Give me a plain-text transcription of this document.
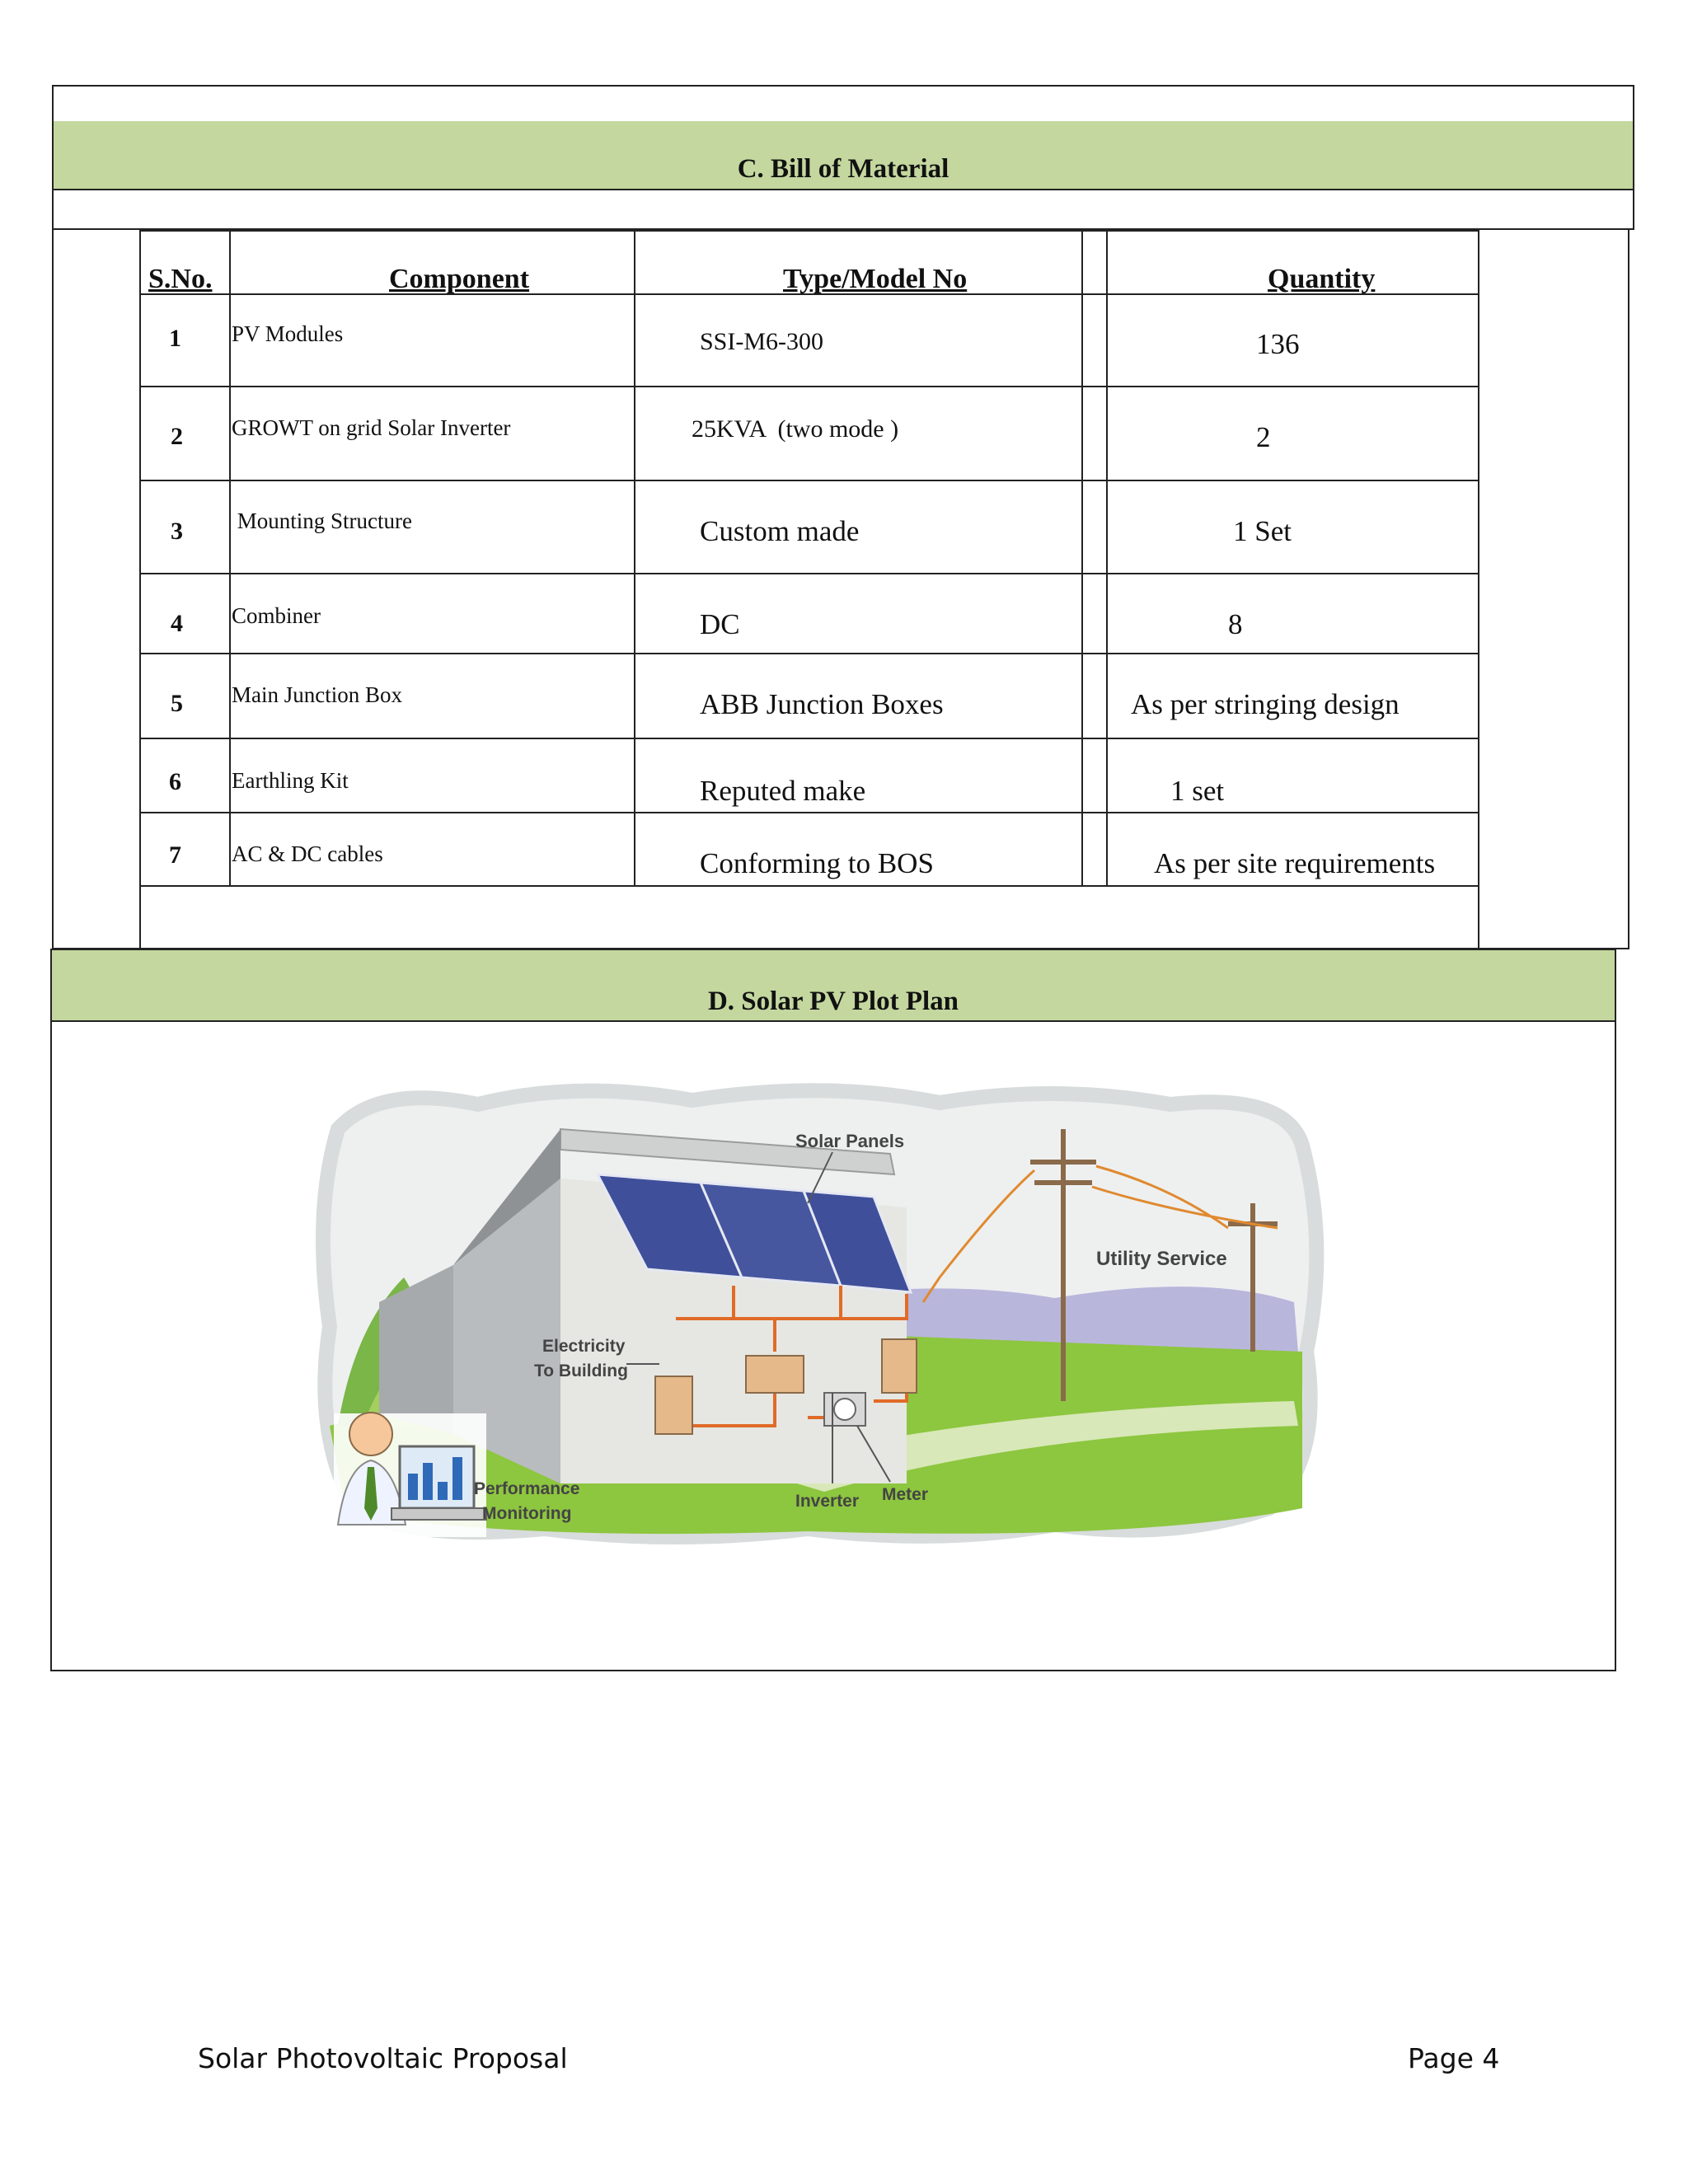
C. Bill of Material
S.No.	Component	Type/Model No	Quantity
1 PV Modules	SSI-M6-300	136
2 GROWT on grid Solar Inverter	25KVA  (two mode )	2
3 Mounting Structure	Custom made	1 Set
4 Combiner	DC	8
5 Main Junction Box	ABB Junction Boxes	As per stringing design
6 Earthling Kit	Reputed make	1 set
7 AC & DC cables	Conforming to BOS	As per site requirements
D. Solar PV Plot Plan
Solar Panels
Utility Service
Electricity
To Building
Performance
Monitoring
Inverter Meter
Solar Photovoltaic Proposal	Page 4
